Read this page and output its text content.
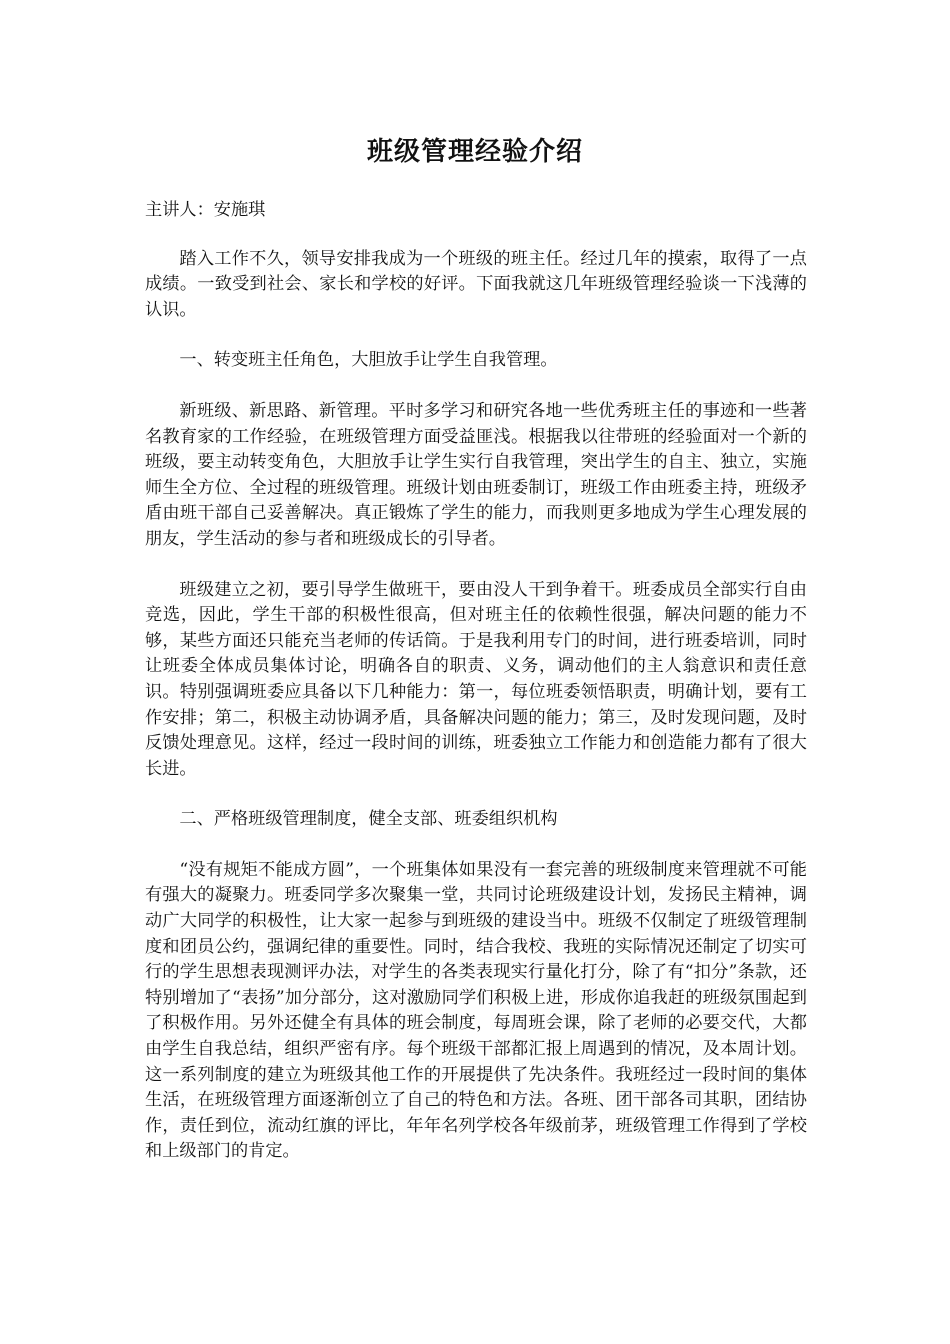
班级管理经验介绍

主讲人：安施琪

踏入工作不久，领导安排我成为一个班级的班主任。经过几年的摸索，取得了一点成绩。一致受到社会、家长和学校的好评。下面我就这几年班级管理经验谈一下浅薄的认识。

一、转变班主任角色，大胆放手让学生自我管理。

新班级、新思路、新管理。平时多学习和研究各地一些优秀班主任的事迹和一些著名教育家的工作经验，在班级管理方面受益匪浅。根据我以往带班的经验面对一个新的班级，要主动转变角色，大胆放手让学生实行自我管理，突出学生的自主、独立，实施师生全方位、全过程的班级管理。班级计划由班委制订，班级工作由班委主持，班级矛盾由班干部自己妥善解决。真正锻炼了学生的能力，而我则更多地成为学生心理发展的朋友，学生活动的参与者和班级成长的引导者。

班级建立之初，要引导学生做班干，要由没人干到争着干。班委成员全部实行自由竞选，因此，学生干部的积极性很高，但对班主任的依赖性很强，解决问题的能力不够，某些方面还只能充当老师的传话筒。于是我利用专门的时间，进行班委培训，同时让班委全体成员集体讨论，明确各自的职责、义务，调动他们的主人翁意识和责任意识。特别强调班委应具备以下几种能力：第一，每位班委领悟职责，明确计划，要有工作安排；第二，积极主动协调矛盾，具备解决问题的能力；第三，及时发现问题，及时反馈处理意见。这样，经过一段时间的训练，班委独立工作能力和创造能力都有了很大长进。

二、严格班级管理制度，健全支部、班委组织机构

“没有规矩不能成方圆”，一个班集体如果没有一套完善的班级制度来管理就不可能有强大的凝聚力。班委同学多次聚集一堂，共同讨论班级建设计划，发扬民主精神，调动广大同学的积极性，让大家一起参与到班级的建设当中。班级不仅制定了班级管理制度和团员公约，强调纪律的重要性。同时，结合我校、我班的实际情况还制定了切实可行的学生思想表现测评办法，对学生的各类表现实行量化打分，除了有“扣分”条款，还特别增加了“表扬”加分部分，这对激励同学们积极上进，形成你追我赶的班级氛围起到了积极作用。另外还健全有具体的班会制度，每周班会课，除了老师的必要交代，大都由学生自我总结，组织严密有序。每个班级干部都汇报上周遇到的情况，及本周计划。这一系列制度的建立为班级其他工作的开展提供了先决条件。我班经过一段时间的集体生活，在班级管理方面逐渐创立了自己的特色和方法。各班、团干部各司其职，团结协作，责任到位，流动红旗的评比，年年名列学校各年级前茅，班级管理工作得到了学校和上级部门的肯定。
